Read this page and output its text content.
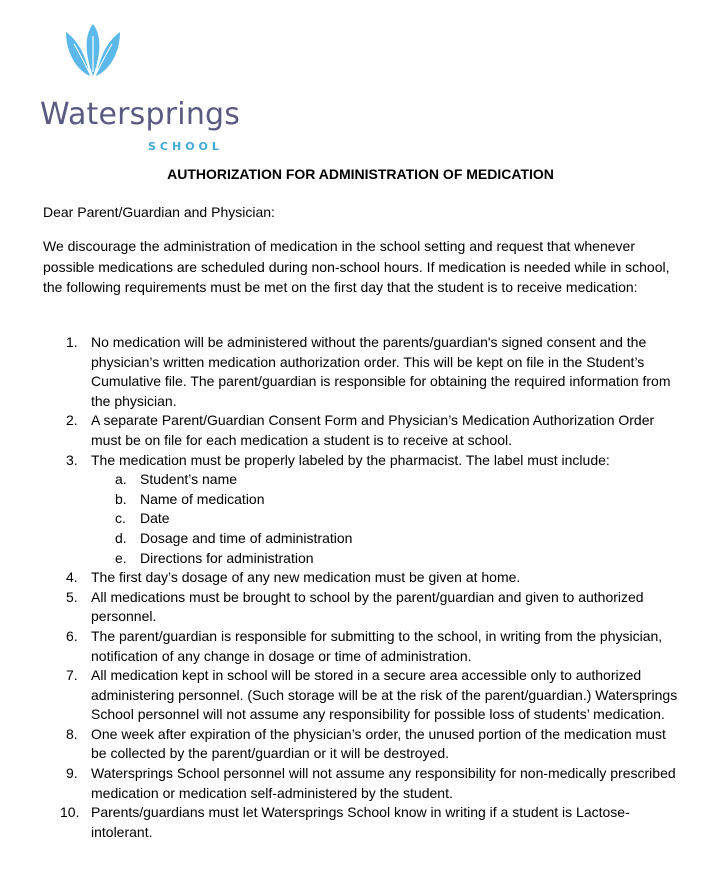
Watersprings
SCHOOL
AUTHORIZATION FOR ADMINISTRATION OF MEDICATION
Dear Parent/Guardian and Physician:
We discourage the administration of medication in the school setting and request that whenever possible medications are scheduled during non-school hours. If medication is needed while in school, the following requirements must be met on the first day that the student is to receive medication:
1. No medication will be administered without the parents/guardian's signed consent and the physician’s written medication authorization order. This will be kept on file in the Student’s Cumulative file. The parent/guardian is responsible for obtaining the required information from the physician.
2. A separate Parent/Guardian Consent Form and Physician’s Medication Authorization Order must be on file for each medication a student is to receive at school.
3. The medication must be properly labeled by the pharmacist. The label must include:
a. Student’s name
b. Name of medication
c. Date
d. Dosage and time of administration
e. Directions for administration
4. The first day’s dosage of any new medication must be given at home.
5. All medications must be brought to school by the parent/guardian and given to authorized personnel.
6. The parent/guardian is responsible for submitting to the school, in writing from the physician, notification of any change in dosage or time of administration.
7. All medication kept in school will be stored in a secure area accessible only to authorized administering personnel. (Such storage will be at the risk of the parent/guardian.) Watersprings School personnel will not assume any responsibility for possible loss of students’ medication.
8. One week after expiration of the physician’s order, the unused portion of the medication must be collected by the parent/guardian or it will be destroyed.
9. Watersprings School personnel will not assume any responsibility for non-medically prescribed medication or medication self-administered by the student.
10. Parents/guardians must let Watersprings School know in writing if a student is Lactose-intolerant.
